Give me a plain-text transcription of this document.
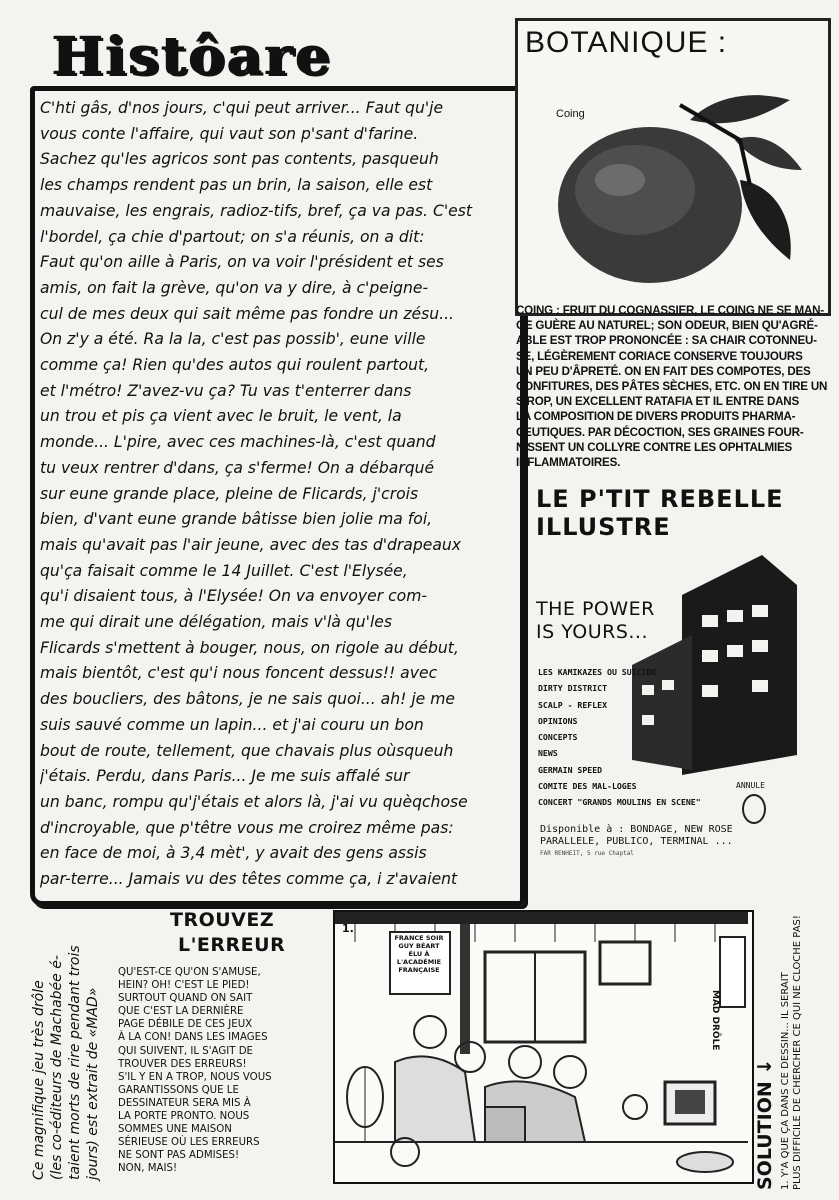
Histôare
C'hti gâs, d'nos jours, c'qui peut arriver... Faut qu'je
vous conte l'affaire, qui vaut son p'sant d'farine.
Sachez qu'les agricos sont pas contents, pasqueuh
les champs rendent pas un brin, la saison, elle est
mauvaise, les engrais, radioz-tifs, bref, ça va pas. C'est
l'bordel, ça chie d'partout; on s'a réunis, on a dit:
Faut qu'on aille à Paris, on va voir l'président et ses
amis, on fait la grève, qu'on va y dire, à c'peigne-
cul de mes deux qui sait même pas fondre un zésu...
On z'y a été. Ra la la, c'est pas possib', eune ville
comme ça! Rien qu'des autos qui roulent partout,
et l'métro! Z'avez-vu ça? Tu vas t'enterrer dans
un trou et pis ça vient avec le bruit, le vent, la
monde... L'pire, avec ces machines-là, c'est quand
tu veux rentrer d'dans, ça s'ferme! On a débarqué
sur eune grande place, pleine de Flicards, j'crois
bien, d'vant eune grande bâtisse bien jolie ma foi,
mais qu'avait pas l'air jeune, avec des tas d'drapeaux
qu'ça faisait comme le 14 Juillet. C'est l'Elysée,
qu'i disaient tous, à l'Elysée! On va envoyer com-
me qui dirait une délégation, mais v'là qu'les
Flicards s'mettent à bouger, nous, on rigole au début,
mais bientôt, c'est qu'i nous foncent dessus!! avec
des boucliers, des bâtons, je ne sais quoi... ah! je me
suis sauvé comme un lapin... et j'ai couru un bon
bout de route, tellement, que chavais plus oùsqueuh
j'étais. Perdu, dans Paris... Je me suis affalé sur
un banc, rompu qu'j'étais et alors là, j'ai vu quèqchose
d'incroyable, que p'têtre vous me croirez même pas:
en face de moi, à 3,4 mèt', y avait des gens assis
par-terre... Jamais vu des têtes comme ça, i z'avaient
BOTANIQUE :
Coing
COING : FRUIT DU COGNASSIER, LE COING NE SE MAN-
GE GUÈRE AU NATUREL; SON ODEUR, BIEN QU'AGRÉ-
ABLE EST TROP PRONONCÉE : SA CHAIR COTONNEU-
SE, LÉGÈREMENT CORIACE CONSERVE TOUJOURS
UN PEU D'ÂPRETÉ. ON EN FAIT DES COMPOTES, DES
CONFITURES, DES PÂTES SÈCHES, ETC. ON EN TIRE UN
SIROP, UN EXCELLENT RATAFIA ET IL ENTRE DANS
LA COMPOSITION DE DIVERS PRODUITS PHARMA-
CEUTIQUES. PAR DÉCOCTION, SES GRAINES FOUR-
NISSENT UN COLLYRE CONTRE LES OPHTALMIES
INFLAMMATOIRES.
LE P'TIT REBELLE
ILLUSTRE
THE POWER
IS YOURS...
LES KAMIKAZES OU SUICIDE
DIRTY DISTRICT
SCALP - REFLEX
OPINIONS
CONCEPTS
NEWS
GERMAIN SPEED
COMITE DES MAL-LOGES
CONCERT "GRANDS MOULINS EN SCENE"
ANNULE
Disponible à : BONDAGE, NEW ROSE
PARALLELE, PUBLICO, TERMINAL ...
FAR RENHEIT, 5 rue Chaptal
Ce magnifique jeu très drôle (les co-éditeurs de Machabée é- taient morts de rire pendant trois jours) est extrait de «MAD»
TROUVEZ
L'ERREUR
QU'EST-CE QU'ON S'AMUSE,
HEIN? OH! C'EST LE PIED!
SURTOUT QUAND ON SAIT
QUE C'EST LA DERNIÈRE
PAGE DÉBILE DE CES JEUX
À LA CON! DANS LES IMAGES
QUI SUIVENT, IL S'AGIT DE
TROUVER DES ERREURS!
S'IL Y EN A TROP, NOUS VOUS
GARANTISSONS QUE LE
DESSINATEUR SERA MIS À
LA PORTE PRONTO. NOUS
SOMMES UNE MAISON
SÉRIEUSE OÙ LES ERREURS
NE SONT PAS ADMISES!
NON, MAIS!
1.
FRANCE SOIR
GUY BÉART
ÉLU À
L'ACADÉMIE
FRANÇAISE
MAD DRÔLE
SOLUTION ↓ 1. Y'A QUE ÇA DANS CE DESSIN... IL SERAIT PLUS DIFFICILE DE CHERCHER CE QUI NE CLOCHE PAS!
